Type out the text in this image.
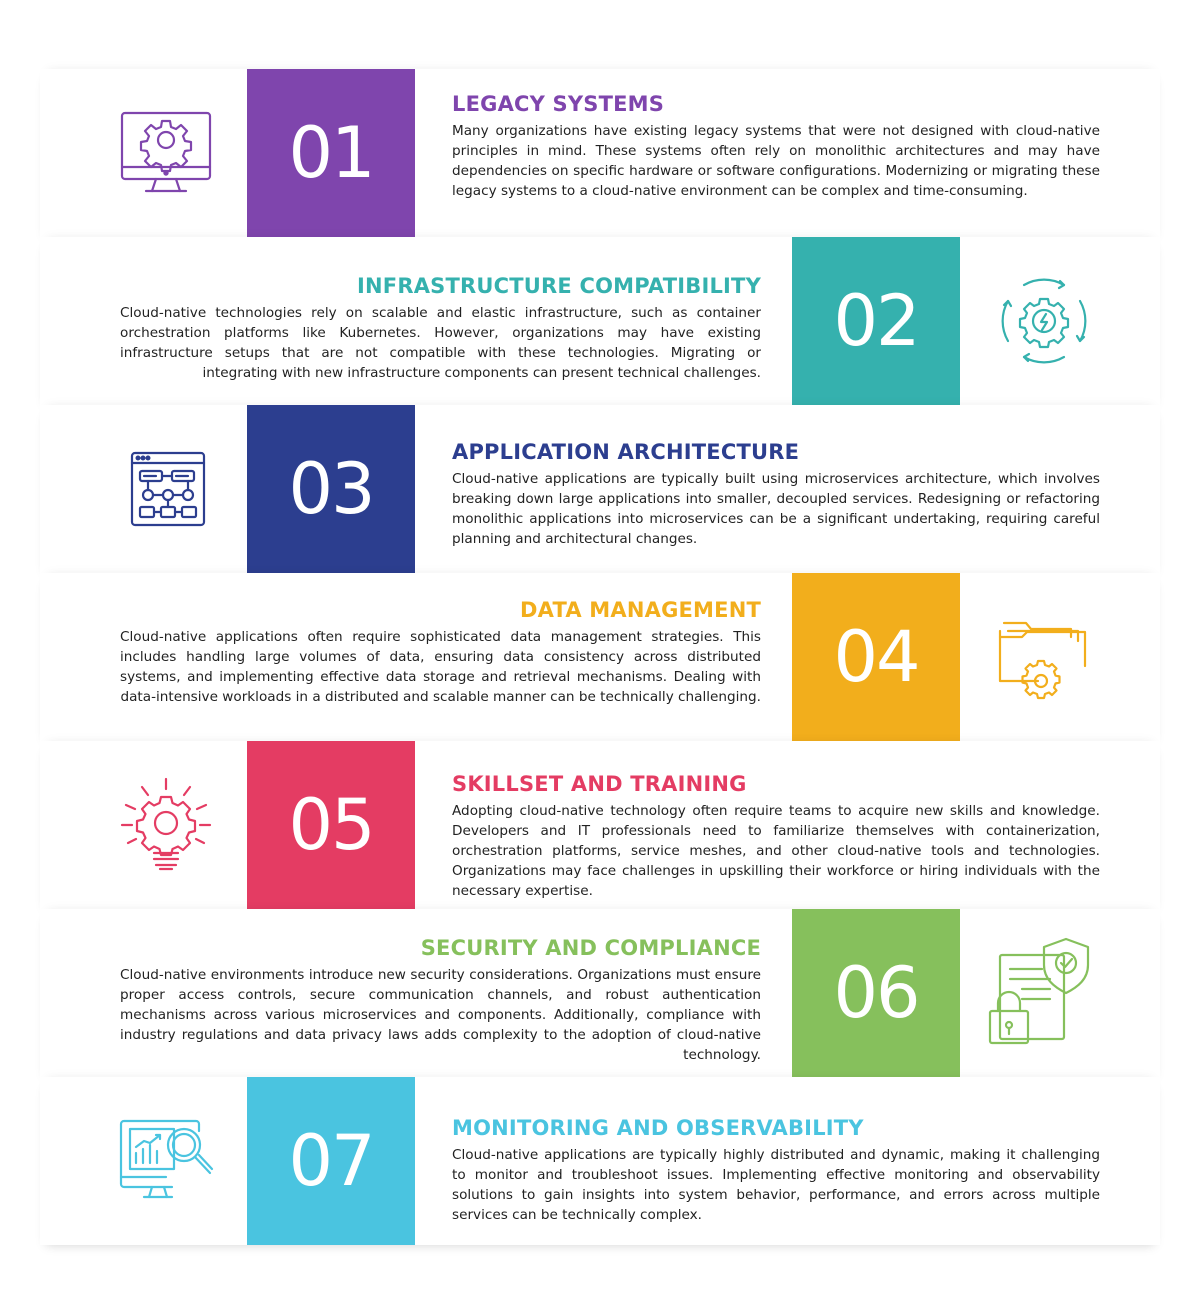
01
LEGACY SYSTEMS

Many organizations have existing legacy systems that were not designed with cloud-native principles in mind. These systems often rely on monolithic architectures and may have dependencies on specific hardware or software configurations. Modernizing or migrating these legacy systems to a cloud-native environment can be complex and time-consuming.

INFRASTRUCTURE COMPATIBILITY

Cloud-native technologies rely on scalable and elastic infrastructure, such as container orchestration platforms like Kubernetes. However, organizations may have existing infrastructure setups that are not compatible with these technologies. Migrating or integrating with new infrastructure components can present technical challenges.

02
03	APPLICATION ARCHITECTURE

Cloud-native applications are typically built using microservices architecture, which involves breaking down large applications into smaller, decoupled services. Redesigning or refactoring monolithic applications into microservices can be a significant undertaking, requiring careful planning and architectural changes.

DATA MANAGEMENT

Cloud-native applications often require sophisticated data management strategies. This includes handling large volumes of data, ensuring data consistency across distributed systems, and implementing effective data storage and retrieval mechanisms. Dealing with data-intensive workloads in a distributed and scalable manner can be technically challenging. 04
05	SKILLSET AND TRAINING

Adopting cloud-native technology often require teams to acquire new skills and knowledge. Developers and IT professionals need to familiarize themselves with containerization, orchestration platforms, service meshes, and other cloud-native tools and technologies. Organizations may face challenges in upskilling their workforce or hiring individuals with the necessary expertise.

SECURITY AND COMPLIANCE

Cloud-native environments introduce new security considerations. Organizations must ensure proper access controls, secure communication channels, and robust authentication mechanisms across various microservices and components. Additionally, compliance with industry regulations and data privacy laws adds complexity to the adoption of cloud-native technology.

06
07	MONITORING AND OBSERVABILITY

Cloud-native applications are typically highly distributed and dynamic, making it challenging to monitor and troubleshoot issues. Implementing effective monitoring and observability solutions to gain insights into system behavior, performance, and errors across multiple services can be technically complex.
